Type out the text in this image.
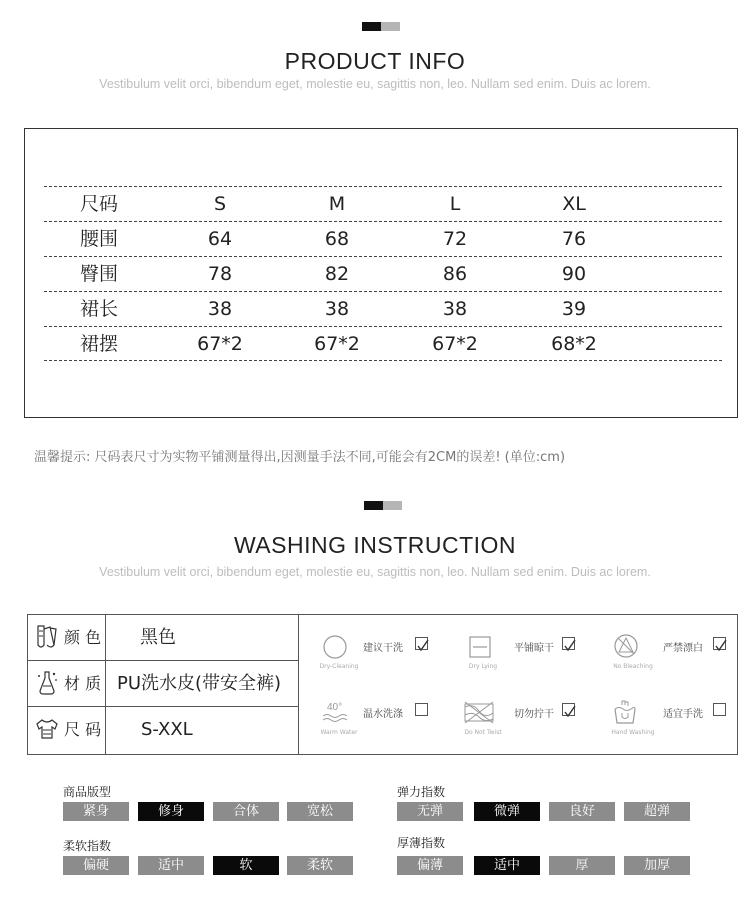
PRODUCT INFO
Vestibulum velit orci, bibendum eget, molestie eu, sagittis non, leo. Nullam sed enim. Duis ac lorem.
尺码	S	M	L	XL
腰围	64	68	72	76
臀围	78	82	86	90
裙长	38	38	38	39
裙摆	67*2	67*2	67*2	68*2
温馨提示: 尺码表尺寸为实物平铺测量得出,因测量手法不同,可能会有2CM的误差! (单位:cm)
WASHING INSTRUCTION
Vestibulum velit orci, bibendum eget, molestie eu, sagittis non, leo. Nullam sed enim. Duis ac lorem.
颜 色 黑色
材 质 PU洗水皮(带安全裤)
尺 码 S-XXL
Dry-Cleaning
建议干洗
Dry Lying
平铺晾干
No Bleaching
严禁漂白
40°
Warm Water
温水洗涤
Do Not Twist
切勿拧干
Hand Washing
适宜手洗
商品版型
紧身	修身	合体	宽松
弹力指数
无弹	微弹	良好	超弹
柔软指数
偏硬	适中	软	柔软
厚薄指数
偏薄	适中	厚	加厚
